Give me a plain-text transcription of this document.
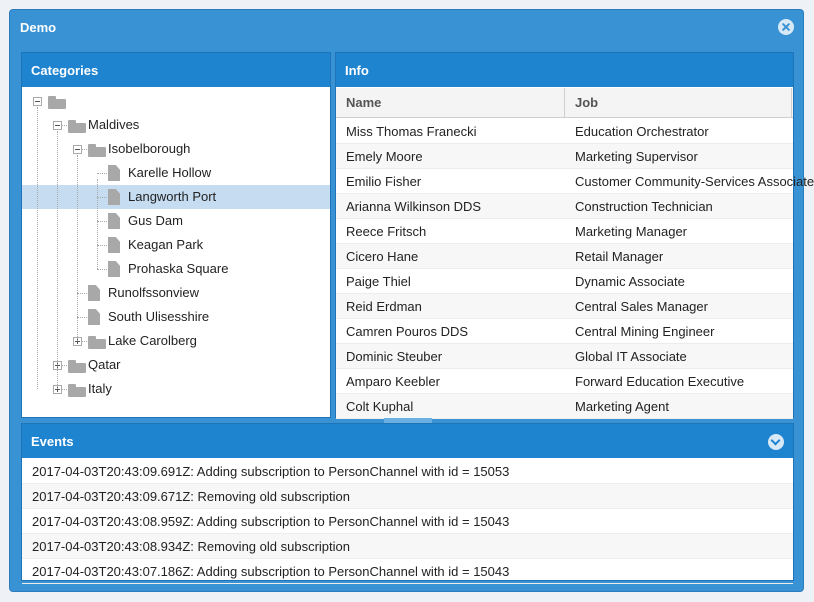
Demo
Categories
Maldives
Isobelborough
Karelle Hollow
Langworth Port
Gus Dam
Keagan Park
Prohaska Square
Runolfssonview
South Ulisesshire
Lake Carolberg
Qatar
Italy
Info
Name	Job
Miss Thomas Franecki	Education Orchestrator
Emely Moore	Marketing Supervisor
Emilio Fisher	Customer Community-Services Associate
Arianna Wilkinson DDS	Construction Technician
Reece Fritsch	Marketing Manager
Cicero Hane	Retail Manager
Paige Thiel	Dynamic Associate
Reid Erdman	Central Sales Manager
Camren Pouros DDS	Central Mining Engineer
Dominic Steuber	Global IT Associate
Amparo Keebler	Forward Education Executive
Colt Kuphal	Marketing Agent
Events
2017-04-03T20:43:09.691Z: Adding subscription to PersonChannel with id = 15053
2017-04-03T20:43:09.671Z: Removing old subscription
2017-04-03T20:43:08.959Z: Adding subscription to PersonChannel with id = 15043
2017-04-03T20:43:08.934Z: Removing old subscription
2017-04-03T20:43:07.186Z: Adding subscription to PersonChannel with id = 15043
